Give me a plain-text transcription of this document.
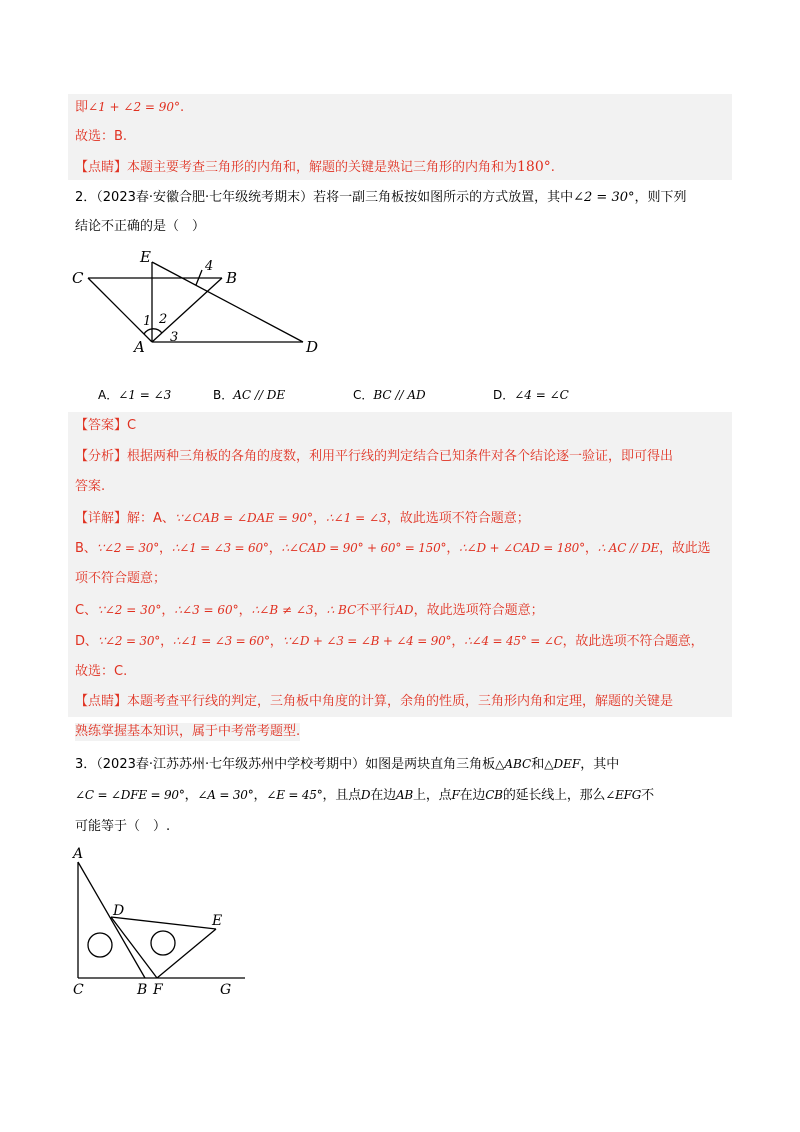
即∠1 + ∠2 = 90°.
故选：B.
【点睛】本题主要考查三角形的内角和，解题的关键是熟记三角形的内角和为180°.
2．（2023春·安徽合肥·七年级统考期末）若将一副三角板按如图所示的方式放置，其中∠2 = 30°，则下列
结论不正确的是（　）
E
4
B
C
1 2
A
3
D
A．∠1 = ∠3	B．AC // DE	C．BC // AD	D．∠4 = ∠C
【答案】C
【分析】根据两种三角板的各角的度数，利用平行线的判定结合已知条件对各个结论逐一验证，即可得出
答案.
【详解】解：A、∵∠CAB = ∠DAE = 90°，∴∠1 = ∠3，故此选项不符合题意；
B、∵∠2 = 30°，∴∠1 = ∠3 = 60°，∴∠CAD = 90° + 60° = 150°，∴∠D + ∠CAD = 180°，∴ AC // DE，故此选
项不符合题意；
C、∵∠2 = 30°，∴∠3 = 60°，∴∠B ≠ ∠3，∴ BC不平行AD，故此选项符合题意；
D、∵∠2 = 30°，∴∠1 = ∠3 = 60°，∵∠D + ∠3 = ∠B + ∠4 = 90°，∴∠4 = 45° = ∠C，故此选项不符合题意，
故选：C.
【点睛】本题考查平行线的判定，三角板中角度的计算，余角的性质，三角形内角和定理，解题的关键是
熟练掌握基本知识，属于中考常考题型.
3．（2023春·江苏苏州·七年级苏州中学校考期中）如图是两块直角三角板△ABC和△DEF，其中
∠C = ∠DFE = 90°，∠A = 30°，∠E = 45°，且点D在边AB上，点F在边CB的延长线上，那么∠EFG不
可能等于（　）.
A
D
E
C	B F	G
